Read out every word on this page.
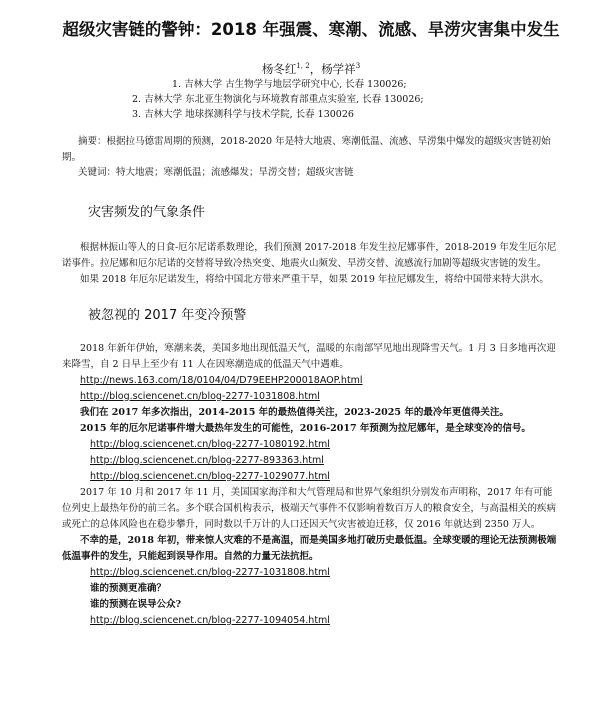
超级灾害链的警钟：2018 年强震、寒潮、流感、旱涝灾害集中发生
杨冬红$^{1, 2}$，杨学祥$^3$
1. 吉林大学 古生物学与地层学研究中心, 长春 130026;
2. 吉林大学 东北亚生物演化与环境教育部重点实验室, 长春 130026;
3. 吉林大学 地球探测科学与技术学院, 长春 130026
摘要：根据拉马德雷周期的预测，2018-2020 年是特大地震、寒潮低温、流感、旱涝集中爆发的超级灾害链初始期。
关键词：特大地震；寒潮低温；流感爆发；旱涝交替；超级灾害链
灾害频发的气象条件
根据林振山等人的日食-厄尔尼诺系数理论，我们预测 2017-2018 年发生拉尼娜事件，2018-2019 年发生厄尔尼诺事件。拉尼娜和厄尔尼诺的交替将导致冷热突变、地震火山频发、旱涝交替、流感流行加剧等超级灾害链的发生。
如果 2018 年厄尔尼诺发生，将给中国北方带来严重干旱，如果 2019 年拉尼娜发生，将给中国带来特大洪水。
被忽视的 2017 年变冷预警
2018 年新年伊始，寒潮来袭，美国多地出现低温天气，温暖的东南部罕见地出现降雪天气。1 月 3 日多地再次迎来降雪，自 2 日早上至少有 11 人在因寒潮造成的低温天气中遇难。
http://news.163.com/18/0104/04/D79EEHP200018AOP.html
http://blog.sciencenet.cn/blog-2277-1031808.html
我们在 2017 年多次指出，2014-2015 年的最热值得关注，2023-2025 年的最冷年更值得关注。
2015 年的厄尔尼诺事件增大最热年发生的可能性，2016-2017 年预测为拉尼娜年，是全球变冷的信号。
http://blog.sciencenet.cn/blog-2277-1080192.html
http://blog.sciencenet.cn/blog-2277-893363.html
http://blog.sciencenet.cn/blog-2277-1029077.html
2017 年 10 月和 2017 年 11 月，美国国家海洋和大气管理局和世界气象组织分别发布声明称，2017 年有可能位列史上最热年份的前三名。多个联合国机构表示，极端天气事件不仅影响着数百万人的粮食安全，与高温相关的疾病或死亡的总体风险也在稳步攀升，同时数以千万计的人口还因天气灾害被迫迁移，仅 2016 年就达到 2350 万人。
不幸的是，2018 年初，带来惊人灾难的不是高温，而是美国多地打破历史最低温。全球变暖的理论无法预测极端低温事件的发生，只能起到误导作用。自然的力量无法抗拒。
http://blog.sciencenet.cn/blog-2277-1031808.html
谁的预测更准确？
谁的预测在误导公众?
http://blog.sciencenet.cn/blog-2277-1094054.html
